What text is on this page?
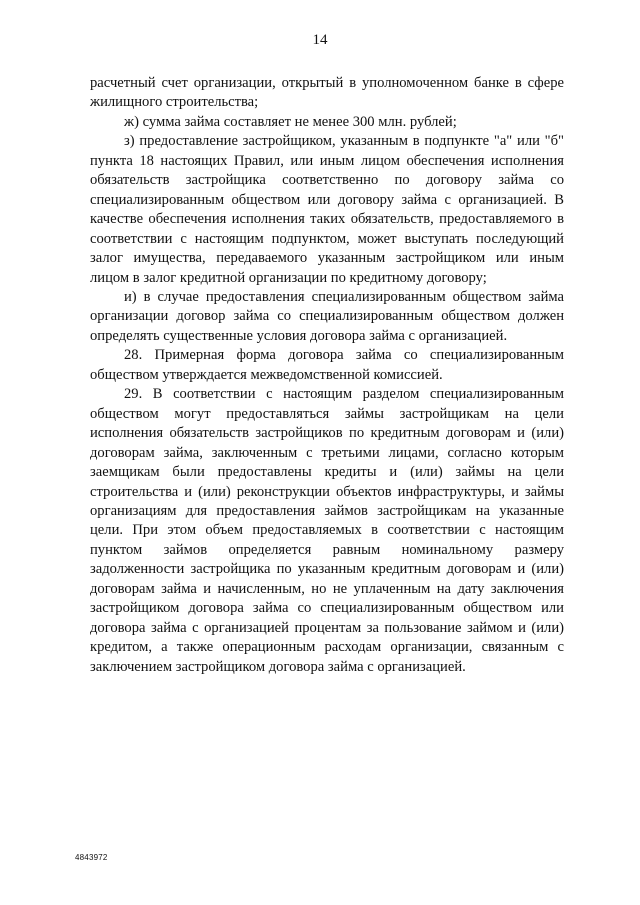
14

расчетный счет организации, открытый в уполномоченном банке в сфере жилищного строительства;

ж) сумма займа составляет не менее 300 млн. рублей;

з) предоставление застройщиком, указанным в подпункте "а" или "б" пункта 18 настоящих Правил, или иным лицом обеспечения исполнения обязательств застройщика соответственно по договору займа со специализированным обществом или договору займа с организацией. В качестве обеспечения исполнения таких обязательств, предоставляемого в соответствии с настоящим подпунктом, может выступать последующий залог имущества, передаваемого указанным застройщиком или иным лицом в залог кредитной организации по кредитному договору;

и) в случае предоставления специализированным обществом займа организации договор займа со специализированным обществом должен определять существенные условия договора займа с организацией.

28. Примерная форма договора займа со специализированным обществом утверждается межведомственной комиссией.

29. В соответствии с настоящим разделом специализированным обществом могут предоставляться займы застройщикам на цели исполнения обязательств застройщиков по кредитным договорам и (или) договорам займа, заключенным с третьими лицами, согласно которым заемщикам были предоставлены кредиты и (или) займы на цели строительства и (или) реконструкции объектов инфраструктуры, и займы организациям для предоставления займов застройщикам на указанные цели. При этом объем предоставляемых в соответствии с настоящим пунктом займов определяется равным номинальному размеру задолженности застройщика по указанным кредитным договорам и (или) договорам займа и начисленным, но не уплаченным на дату заключения застройщиком договора займа со специализированным обществом или договора займа с организацией процентам за пользование займом и (или) кредитом, а также операционным расходам организации, связанным с заключением застройщиком договора займа с организацией.

4843972
